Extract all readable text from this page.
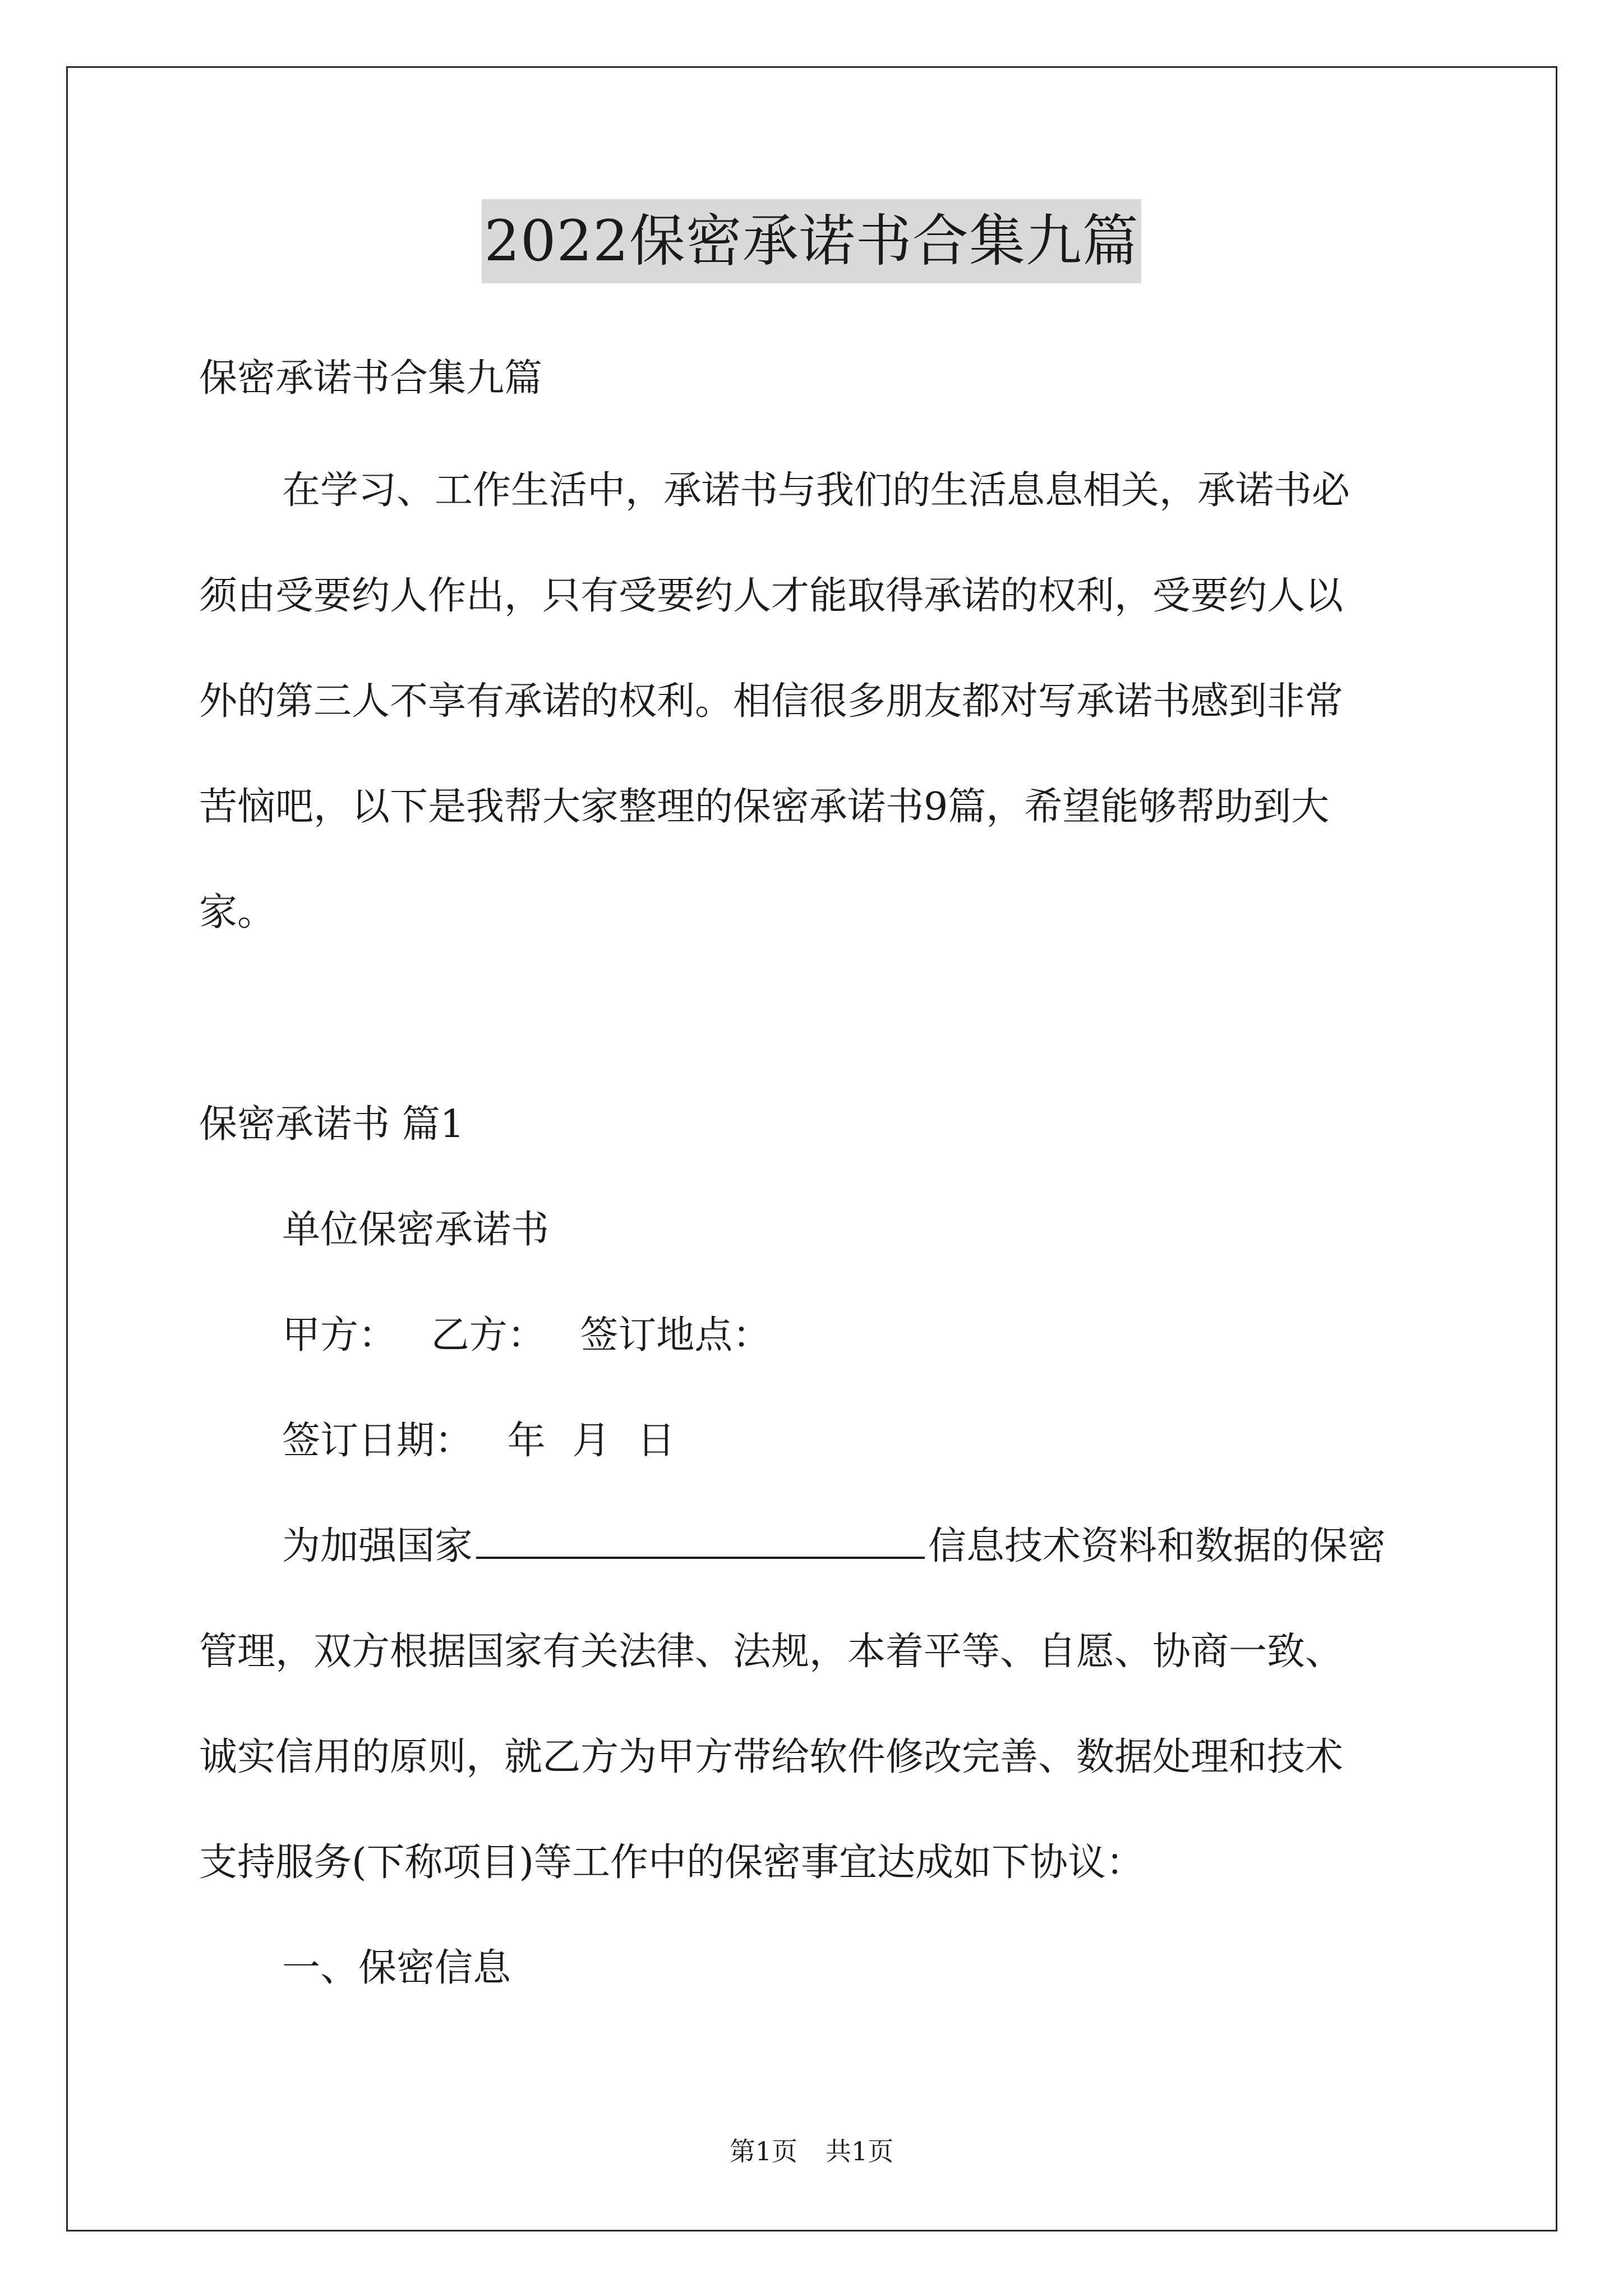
2022保密承诺书合集九篇
保密承诺书合集九篇
在学习、工作生活中，承诺书与我们的生活息息相关，承诺书必
须由受要约人作出，只有受要约人才能取得承诺的权利，受要约人以
外的第三人不享有承诺的权利。相信很多朋友都对写承诺书感到非常
苦恼吧，以下是我帮大家整理的保密承诺书9篇，希望能够帮助到大
家。
保密承诺书 篇1
单位保密承诺书
甲方： 乙方： 签订地点：
签订日期： 年 月 日
为加强国家	信息技术资料和数据的保密
管理，双方根据国家有关法律、法规，本着平等、自愿、协商一致、
诚实信用的原则，就乙方为甲方带给软件修改完善、数据处理和技术
支持服务(下称项目)等工作中的保密事宜达成如下协议：
一、保密信息
第1页 共1页
